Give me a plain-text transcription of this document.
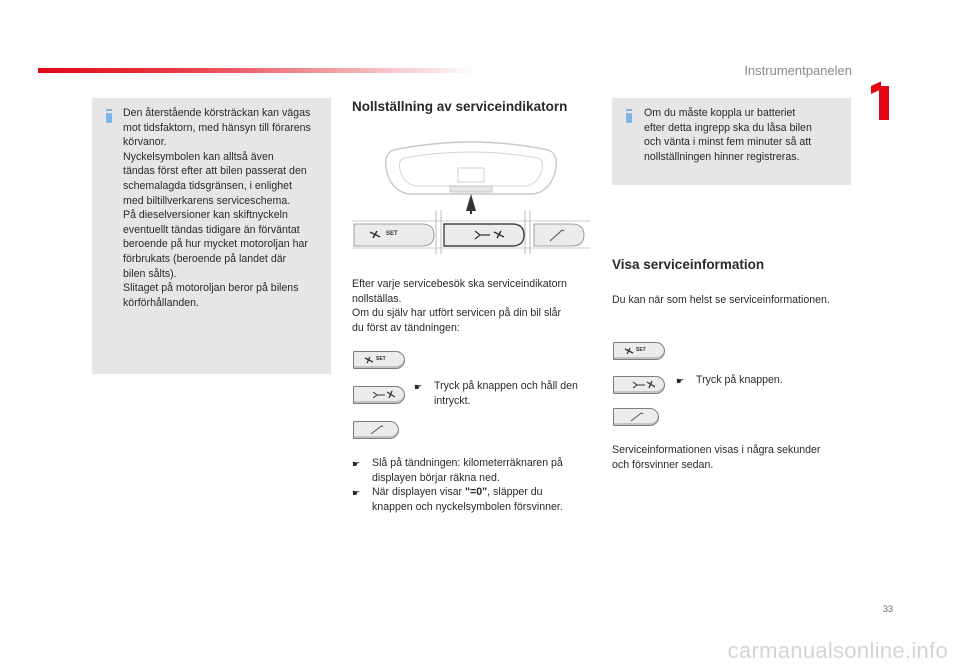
Instrumentpanelen
Den återstående körsträckan kan vägas
mot tidsfaktorn, med hänsyn till förarens
körvanor.
Nyckelsymbolen kan alltså även
tändas först efter att bilen passerat den
schemalagda tidsgränsen, i enlighet
med biltillverkarens serviceschema.
På dieselversioner kan skiftnyckeln
eventuellt tändas tidigare än förväntat
beroende på hur mycket motoroljan har
förbrukats (beroende på landet där
bilen sålts).
Slitaget på motoroljan beror på bilens
körförhållanden.
Nollställning av serviceindikatorn
SET
Efter varje servicebesök ska serviceindikatorn
nollställas.
Om du själv har utfört servicen på din bil slår
du först av tändningen:
SET
☛	Tryck på knappen och håll den
intryckt.
☛	Slå på tändningen: kilometerräknaren på
displayen börjar räkna ned.
☛	När displayen visar "=0", släpper du
knappen och nyckelsymbolen försvinner.
Om du måste koppla ur batteriet
efter detta ingrepp ska du låsa bilen
och vänta i minst fem minuter så att
nollställningen hinner registreras.
Visa serviceinformation
Du kan när som helst se serviceinformationen.
SET
☛	Tryck på knappen.
Serviceinformationen visas i några sekunder
och försvinner sedan.
33
carmanualsonline.info
